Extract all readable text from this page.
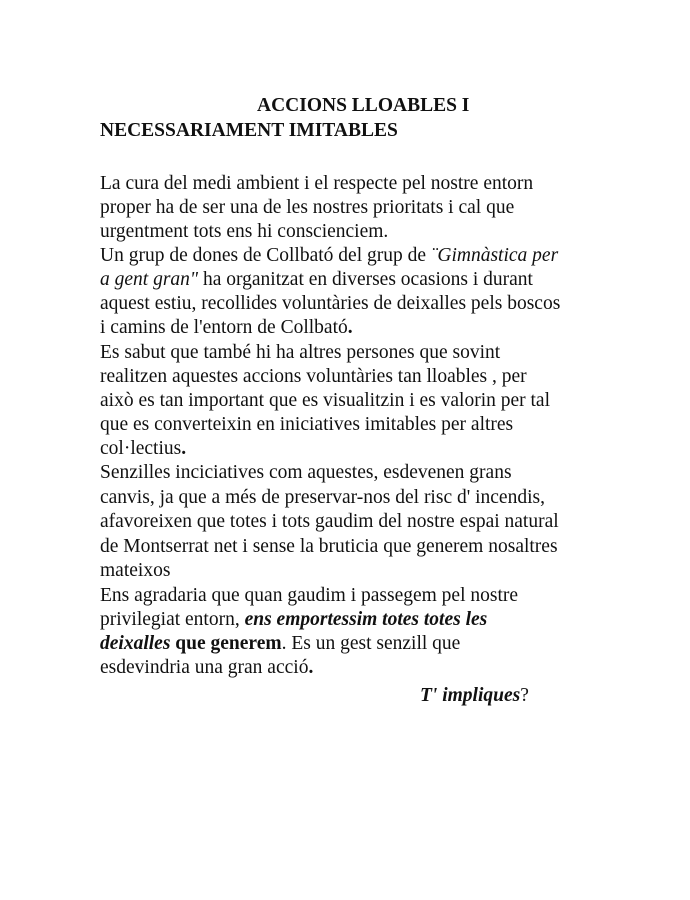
ACCIONS LLOABLES I
NECESSARIAMENT IMITABLES
La cura del medi ambient i el respecte pel nostre entorn
proper ha de ser una de les nostres prioritats i cal que
urgentment tots ens hi conscienciem.
Un grup de dones de Collbató del grup de ¨Gimnàstica per
a gent gran" ha organitzat en diverses ocasions i durant
aquest estiu, recollides voluntàries de deixalles pels boscos
i camins de l'entorn de Collbató.
Es sabut que també hi ha altres persones que sovint
realitzen aquestes accions voluntàries tan lloables , per
això es tan important que es visualitzin i es valorin per tal
que es converteixin en iniciatives imitables per altres
col·lectius.
Senzilles inciciatives com aquestes, esdevenen grans
canvis, ja que a més de preservar-nos del risc d' incendis,
afavoreixen que totes i tots gaudim del nostre espai natural
de Montserrat net i sense la bruticia que generem nosaltres
mateixos
Ens agradaria que quan gaudim i passegem pel nostre
privilegiat entorn, ens emportessim totes totes les
deixalles que generem. Es un gest senzill que
esdevindria una gran acció.
T' impliques?
